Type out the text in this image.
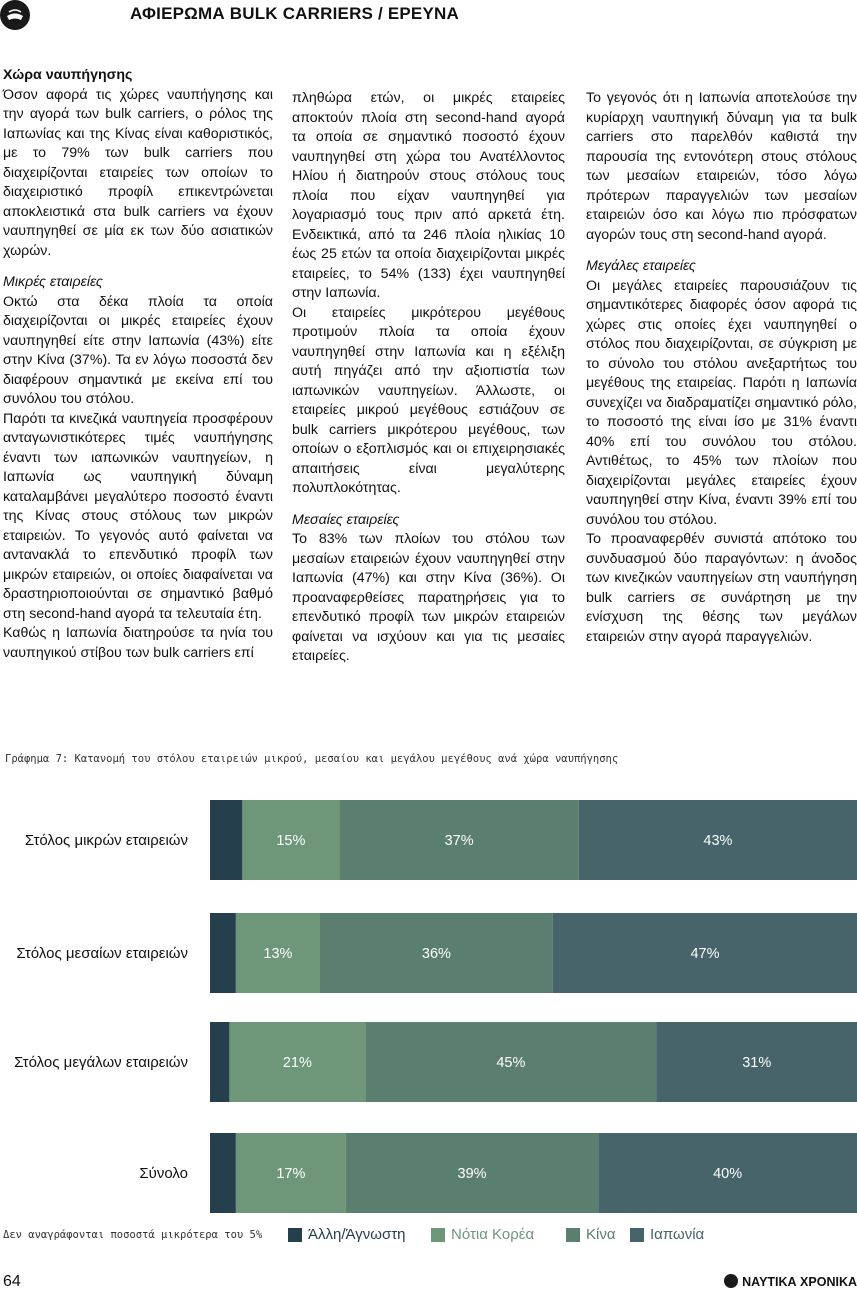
ΑΦΙΕΡΩΜΑ BULK CARRIERS / ΕΡΕΥΝΑ

Χώρα ναυπήγησης

Όσον αφορά τις χώρες ναυπήγησης και την αγορά των bulk carriers, ο ρόλος της Ιαπωνίας και της Κίνας είναι καθοριστικός, με το 79% των bulk carriers που διαχειρίζονται εταιρείες των οποίων το διαχειριστικό προφίλ επικεντρώνεται αποκλειστικά στα bulk carriers να έχουν ναυπηγηθεί σε μία εκ των δύο ασιατικών χωρών.

Μικρές εταιρείες

Οκτώ στα δέκα πλοία τα οποία διαχειρίζονται οι μικρές εταιρείες έχουν ναυπηγηθεί είτε στην Ιαπωνία (43%) είτε στην Κίνα (37%). Τα εν λόγω ποσοστά δεν διαφέρουν σημαντικά με εκείνα επί του συνόλου του στόλου.

Παρότι τα κινεζικά ναυπηγεία προσφέρουν ανταγωνιστικότερες τιμές ναυπήγησης έναντι των ιαπωνικών ναυπηγείων, η Ιαπωνία ως ναυπηγική δύναμη καταλαμβάνει μεγαλύτερο ποσοστό έναντι της Κίνας στους στόλους των μικρών εταιρειών. Το γεγονός αυτό φαίνεται να αντανακλά το επενδυτικό προφίλ των μικρών εταιρειών, οι οποίες διαφαίνεται να δραστηριοποιούνται σε σημαντικό βαθμό στη second-hand αγορά τα τελευταία έτη.

Καθώς η Ιαπωνία διατηρούσε τα ηνία του ναυπηγικού στίβου των bulk carriers επί

πληθώρα ετών, οι μικρές εταιρείες αποκτούν πλοία στη second-hand αγορά τα οποία σε σημαντικό ποσοστό έχουν ναυπηγηθεί στη χώρα του Ανατέλλοντος Ηλίου ή διατηρούν στους στόλους τους πλοία που είχαν ναυπηγηθεί για λογαριασμό τους πριν από αρκετά έτη. Ενδεικτικά, από τα 246 πλοία ηλικίας 10 έως 25 ετών τα οποία διαχειρίζονται μικρές εταιρείες, το 54% (133) έχει ναυπηγηθεί στην Ιαπωνία.

Οι εταιρείες μικρότερου μεγέθους προτιμούν πλοία τα οποία έχουν ναυπηγηθεί στην Ιαπωνία και η εξέλιξη αυτή πηγάζει από την αξιοπιστία των ιαπωνικών ναυπηγείων. Άλλωστε, οι εταιρείες μικρού μεγέθους εστιάζουν σε bulk carriers μικρότερου μεγέθους, των οποίων ο εξοπλισμός και οι επιχειρησιακές απαιτήσεις είναι μεγαλύτερης πολυπλοκότητας.

Μεσαίες εταιρείες

Το 83% των πλοίων του στόλου των μεσαίων εταιρειών έχουν ναυπηγηθεί στην Ιαπωνία (47%) και στην Κίνα (36%). Οι προαναφερθείσες παρατηρήσεις για το επενδυτικό προφίλ των μικρών εταιρειών φαίνεται να ισχύουν και για τις μεσαίες εταιρείες.

Το γεγονός ότι η Ιαπωνία αποτελούσε την κυρίαρχη ναυπηγική δύναμη για τα bulk carriers στο παρελθόν καθιστά την παρουσία της εντονότερη στους στόλους των μεσαίων εταιρειών, τόσο λόγω πρότερων παραγγελιών των μεσαίων εταιρειών όσο και λόγω πιο πρόσφατων αγορών τους στη second-hand αγορά.

Μεγάλες εταιρείες

Οι μεγάλες εταιρείες παρουσιάζουν τις σημαντικότερες διαφορές όσον αφορά τις χώρες στις οποίες έχει ναυπηγηθεί ο στόλος που διαχειρίζονται, σε σύγκριση με το σύνολο του στόλου ανεξαρτήτως του μεγέθους της εταιρείας. Παρότι η Ιαπωνία συνεχίζει να διαδραματίζει σημαντικό ρόλο, το ποσοστό της είναι ίσο με 31% έναντι 40% επί του συνόλου του στόλου. Αντιθέτως, το 45% των πλοίων που διαχειρίζονται μεγάλες εταιρείες έχουν ναυπηγηθεί στην Κίνα, έναντι 39% επί του συνόλου του στόλου.

Το προαναφερθέν συνιστά απότοκο του συνδυασμού δύο παραγόντων: η άνοδος των κινεζικών ναυπηγείων στη ναυπήγηση bulk carriers σε συνάρτηση με την ενίσχυση της θέσης των μεγάλων εταιρειών στην αγορά παραγγελιών.

Γράφημα 7: Κατανομή του στόλου εταιρειών μικρού, μεσαίου και μεγάλου μεγέθους ανά χώρα ναυπήγησης
Στόλος μικρών εταιρειών	15%	37%	43%
Στόλος μεσαίων εταιρειών	13%	36%	47%
Στόλος μεγάλων εταιρειών	21%	45%	31%
Σύνολο	17%	39%	40%
Δεν αναγράφονται ποσοστά μικρότερα του 5%	Άλλη/Άγνωστη	Νότια Κορέα	Κίνα Ιαπωνία
64	ΝΑΥΤΙΚΑ ΧΡΟΝΙΚΑ
